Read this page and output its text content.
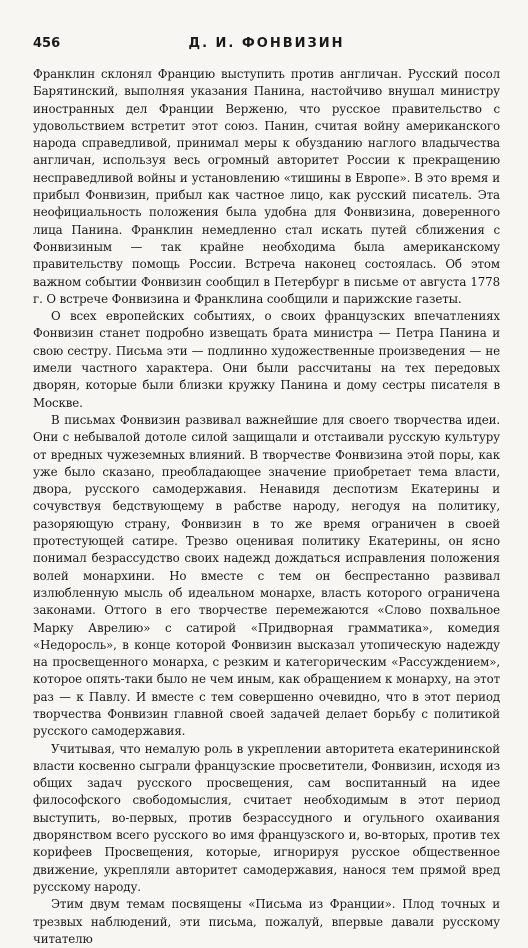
456	Д. И. ФОНВИЗИН

Франклин склонял Францию выступить против англичан. Русский посол Барятинский, выполняя указания Панина, настойчиво внушал министру иностранных дел Франции Верженю, что русское правительство с удовольствием встретит этот союз. Панин, считая войну американского народа справедливой, принимал меры к обузданию наглого владычества англичан, используя весь огромный авторитет России к прекращению несправедливой войны и установлению «тишины в Европе». В это время и прибыл Фонвизин, прибыл как частное лицо, как русский писатель. Эта неофициальность положения была удобна для Фонвизина, доверенного лица Панина. Франклин немедленно стал искать путей сближения с Фонвизиным — так крайне необходима была американскому правительству помощь России. Встреча наконец состоялась. Об этом важном событии Фонвизин сообщил в Петербург в письме от августа 1778 г. О встрече Фонвизина и Франклина сообщили и парижские газеты.

О всех европейских событиях, о своих французских впечатлениях Фонвизин станет подробно извещать брата министра — Петра Панина и свою сестру. Письма эти — подлинно художественные произведения — не имели частного характера. Они были рассчитаны на тех передовых дворян, которые были близки кружку Панина и дому сестры писателя в Москве.

В письмах Фонвизин развивал важнейшие для своего творчества идеи. Они с небывалой дотоле силой защищали и отстаивали русскую культуру от вредных чужеземных влияний. В творчестве Фонвизина этой поры, как уже было сказано, преобладающее значение приобретает тема власти, двора, русского самодержавия. Ненавидя деспотизм Екатерины и сочувствуя бедствующему в рабстве народу, негодуя на политику, разоряющую страну, Фонвизин в то же время ограничен в своей протестующей сатире. Трезво оценивая политику Екатерины, он ясно понимал безрассудство своих надежд дождаться исправления положения волей монархини. Но вместе с тем он беспрестанно развивал излюбленную мысль об идеальном монархе, власть которого ограничена законами. Оттого в его творчестве перемежаются «Слово похвальное Марку Аврелию» с сатирой «Придворная грамматика», комедия «Недоросль», в конце которой Фонвизин высказал утопическую надежду на просвещенного монарха, с резким и категорическим «Рассуждением», которое опять-таки было не чем иным, как обращением к монарху, на этот раз — к Павлу. И вместе с тем совершенно очевидно, что в этот период творчества Фонвизин главной своей задачей делает борьбу с политикой русского самодержавия.

Учитывая, что немалую роль в укреплении авторитета екатерининской власти косвенно сыграли французские просветители, Фонвизин, исходя из общих задач русского просвещения, сам воспитанный на идее философского свободомыслия, считает необходимым в этот период выступить, во-первых, против безрассудного и огульного охаивания дворянством всего русского во имя французского и, во-вторых, против тех корифеев Просвещения, которые, игнорируя русское общественное движение, укрепляли авторитет самодержавия, нанося тем прямой вред русскому народу.

Этим двум темам посвящены «Письма из Франции». Плод точных и трезвых наблюдений, эти письма, пожалуй, впервые давали русскому читателю
